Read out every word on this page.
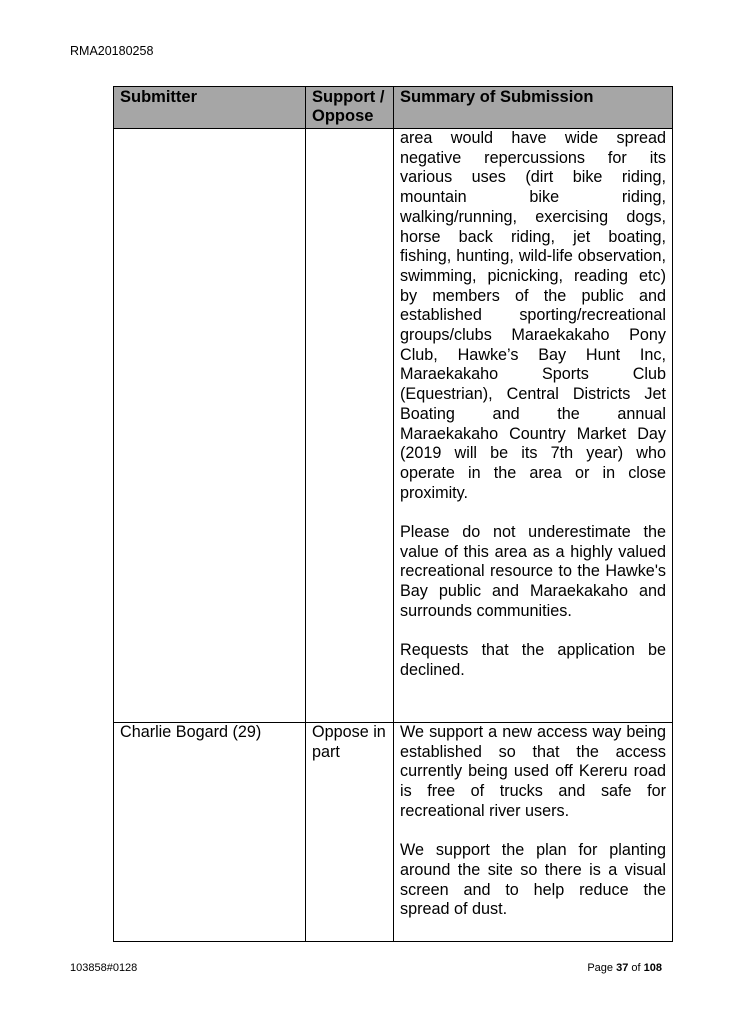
RMA20180258
Submitter	Support / Oppose	Summary of Submission

		area would have wide spread negative repercussions for its various uses (dirt bike riding, mountain bike riding, walking/running, exercising dogs, horse back riding, jet boating, fishing, hunting, wild-life observation, swimming, picnicking, reading etc) by members of the public and established sporting/recreational groups/clubs Maraekakaho Pony Club, Hawke’s Bay Hunt Inc, Maraekakaho Sports Club (Equestrian), Central Districts Jet Boating and the annual Maraekakaho Country Market Day (2019 will be its 7th year) who operate in the area or in close proximity.

Please do not underestimate the value of this area as a highly valued recreational resource to the Hawke's Bay public and Maraekakaho and surrounds communities.

Requests that the application be declined.

Charlie Bogard (29)	Oppose in part	We support a new access way being established so that the access currently being used off Kereru road is free of trucks and safe for recreational river users.

We support the plan for planting around the site so there is a visual screen and to help reduce the spread of dust.

103858#0128	Page 37 of 108
